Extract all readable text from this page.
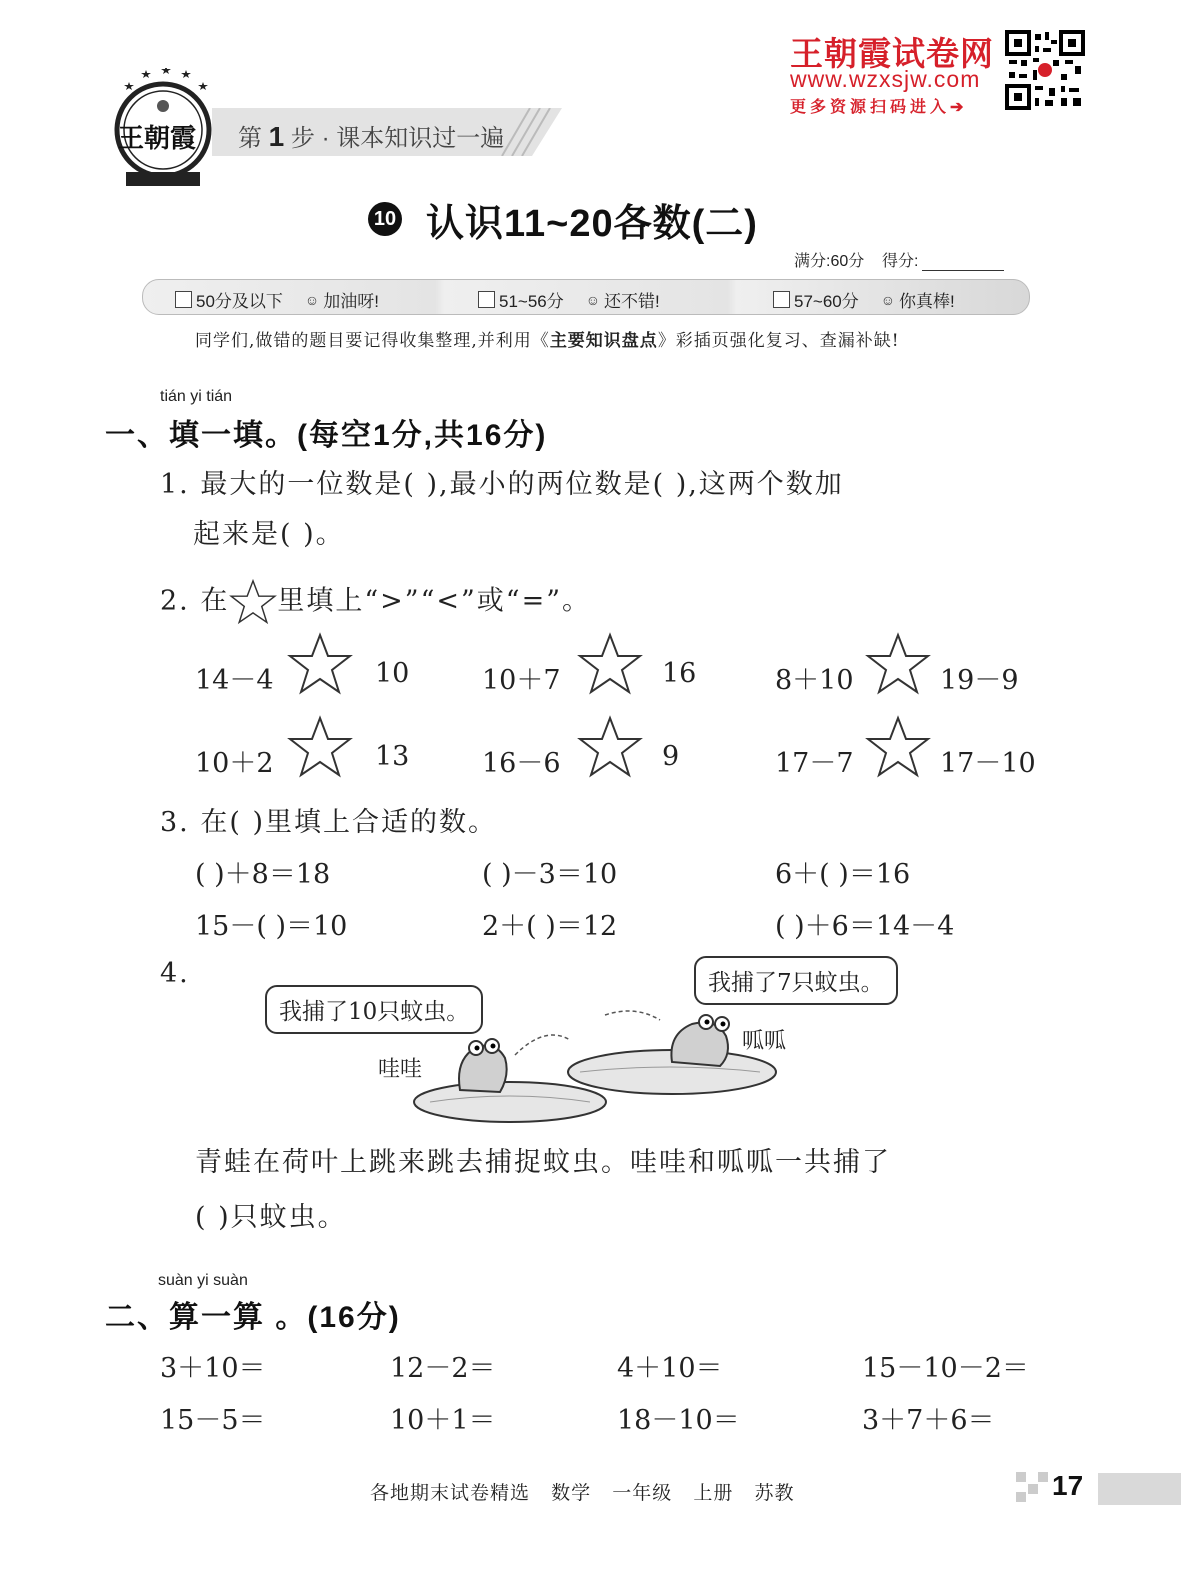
王朝霞试卷网
www.wzxsjw.com
更多资源扫码进入➔
王朝霞 第 1 步 · 课本知识过一遍
10 认识11~20各数(二)
满分:60分 得分:
50分及以下 ☺ 加油呀!	51~56分 ☺ 还不错!	57~60分 ☺ 你真棒!
同学们,做错的题目要记得收集整理,并利用《主要知识盘点》彩插页强化复习、查漏补缺!
tián yi tián
一、填一填。(每空1分,共16分)
1. 最大的一位数是( ),最小的两位数是( ),这两个数加
起来是( )。
2. 在 里填上“>”“<”或“=”。
14－4	10	10＋7	16	8＋10	19－9
10＋2	13	16－6	9	17－7	17－10
3. 在( )里填上合适的数。
( )＋8＝18	( )－3＝10	6＋( )＝16
15－( )＝10	2＋( )＝12	( )＋6＝14－4
4.
我捕了10只蚊虫。
我捕了7只蚊虫。
哇哇
呱呱
青蛙在荷叶上跳来跳去捕捉蚊虫。哇哇和呱呱一共捕了
( )只蚊虫。
suàn yi suàn
二、算一算 。(16分)
3＋10＝	12－2＝	4＋10＝	15－10－2＝
15－5＝	10＋1＝	18－10＝	3＋7＋6＝
各地期末试卷精选   数学   一年级   上册   苏教	17
